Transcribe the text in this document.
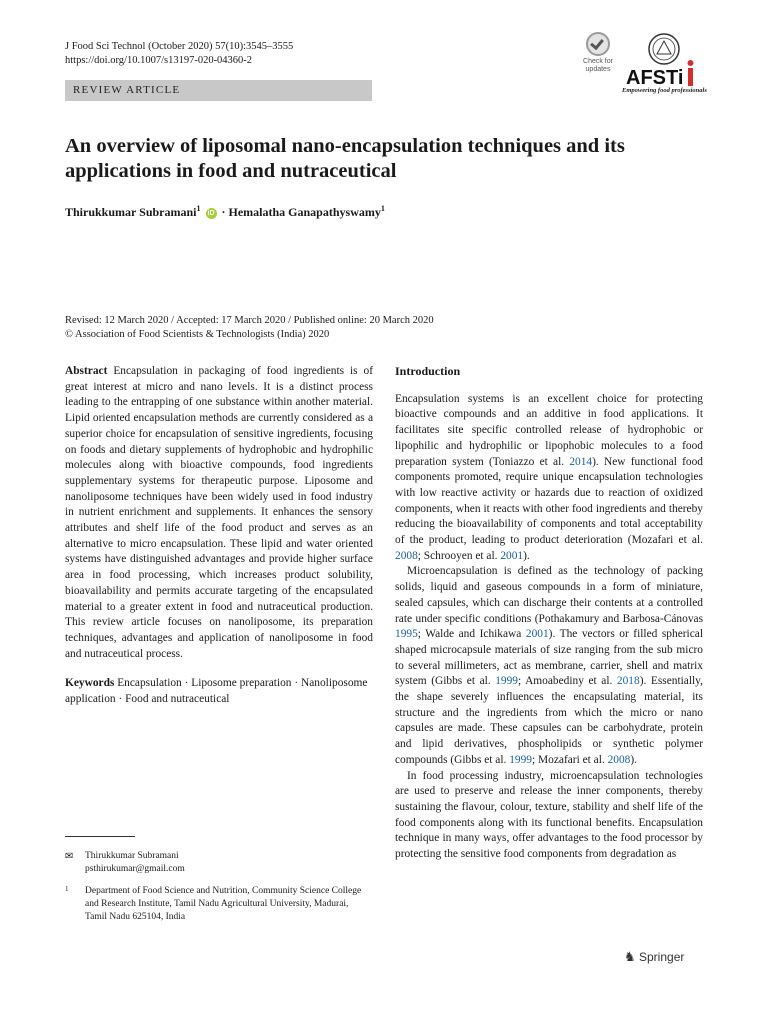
J Food Sci Technol (October 2020) 57(10):3545–3555
https://doi.org/10.1007/s13197-020-04360-2
REVIEW ARTICLE
Check for updates AFSTi
Empowering food professionals
An overview of liposomal nano-encapsulation techniques and its applications in food and nutraceutical
Thirukkumar Subramani$^1$ iD · Hemalatha Ganapathyswamy$^1$
Revised: 12 March 2020 / Accepted: 17 March 2020 / Published online: 20 March 2020
© Association of Food Scientists & Technologists (India) 2020

Abstract Encapsulation in packaging of food ingredients is of great interest at micro and nano levels. It is a distinct process leading to the entrapping of one substance within another material. Lipid oriented encapsulation methods are currently considered as a superior choice for encapsulation of sensitive ingredients, focusing on foods and dietary supplements of hydrophobic and hydrophilic molecules along with bioactive compounds, food ingredients supplementary systems for therapeutic purpose. Liposome and nanoliposome techniques have been widely used in food industry in nutrient enrichment and supplements. It enhances the sensory attributes and shelf life of the food product and serves as an alternative to micro encapsulation. These lipid and water oriented systems have distinguished advantages and provide higher surface area in food processing, which increases product solubility, bioavailability and permits accurate targeting of the encapsulated material to a greater extent in food and nutraceutical production. This review article focuses on nanoliposome, its preparation techniques, advantages and application of nanoliposome in food and nutraceutical process.

Keywords Encapsulation · Liposome preparation · Nanoliposome application · Food and nutraceutical

✉ Thirukkumar Subramani
psthirukumar@gmail.com
1 Department of Food Science and Nutrition, Community Science College and Research Institute, Tamil Nadu Agricultural University, Madurai, Tamil Nadu 625104, India

Introduction

Encapsulation systems is an excellent choice for protecting bioactive compounds and an additive in food applications. It facilitates site specific controlled release of hydrophobic or lipophilic and hydrophilic or lipophobic molecules to a food preparation system (Toniazzo et al. 2014). New functional food components promoted, require unique encapsulation technologies with low reactive activity or hazards due to reaction of oxidized components, when it reacts with other food ingredients and thereby reducing the bioavailability of components and total acceptability of the product, leading to product deterioration (Mozafari et al. 2008; Schrooyen et al. 2001).

Microencapsulation is defined as the technology of packing solids, liquid and gaseous compounds in a form of miniature, sealed capsules, which can discharge their contents at a controlled rate under specific conditions (Pothakamury and Barbosa-Cánovas 1995; Walde and Ichikawa 2001). The vectors or filled spherical shaped microcapsule materials of size ranging from the sub micro to several millimeters, act as membrane, carrier, shell and matrix system (Gibbs et al. 1999; Amoabediny et al. 2018). Essentially, the shape severely influences the encapsulating material, its structure and the ingredients from which the micro or nano capsules are made. These capsules can be carbohydrate, protein and lipid derivatives, phospholipids or synthetic polymer compounds (Gibbs et al. 1999; Mozafari et al. 2008).

In food processing industry, microencapsulation technologies are used to preserve and release the inner components, thereby sustaining the flavour, colour, texture, stability and shelf life of the food components along with its functional benefits. Encapsulation technique in many ways, offer advantages to the food processor by protecting the sensitive food components from degradation as

♞ Springer
